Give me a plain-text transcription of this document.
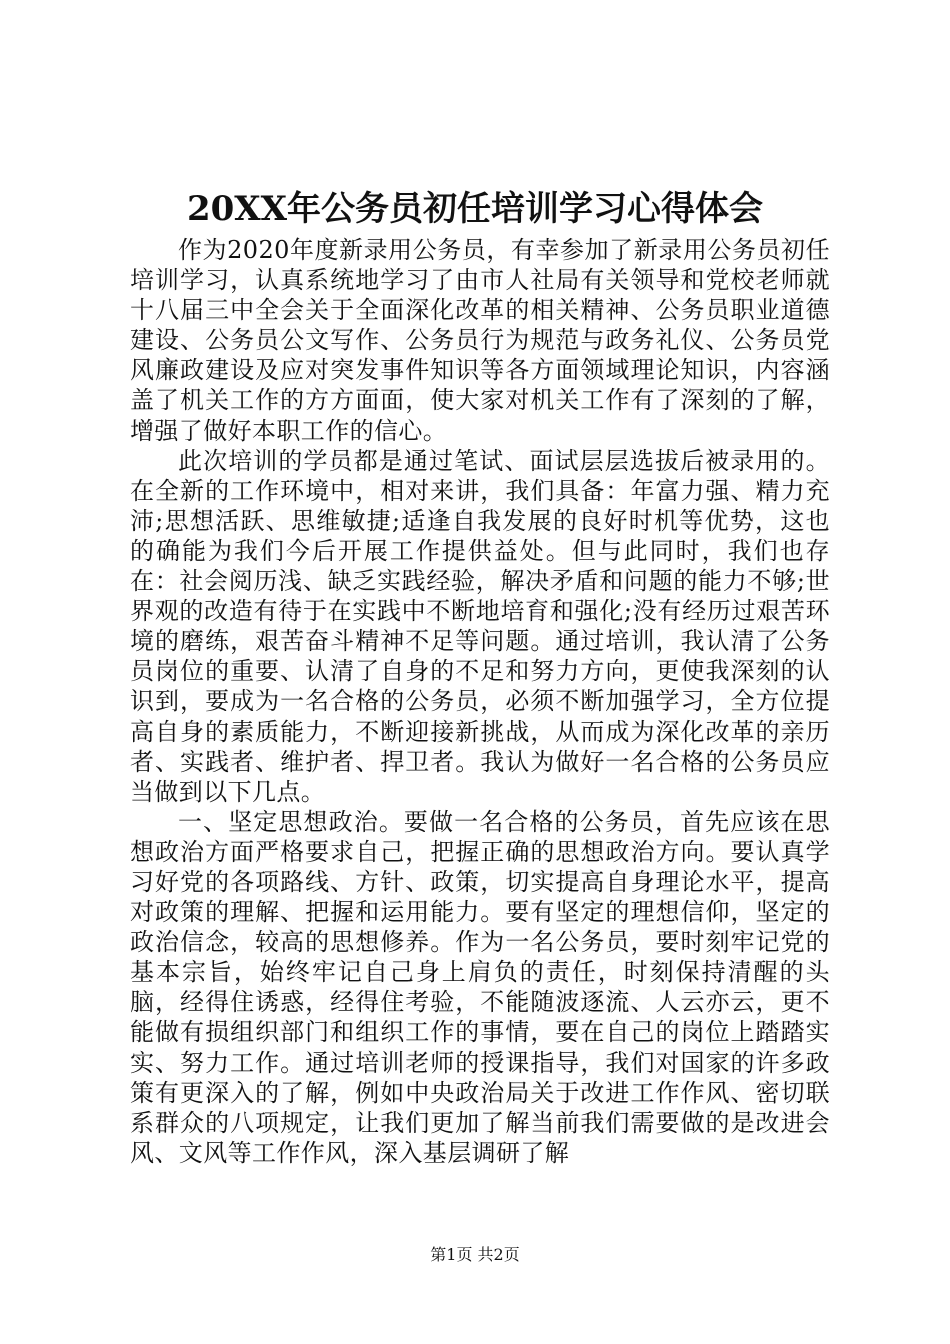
20XX年公务员初任培训学习心得体会

作为2020年度新录用公务员，有幸参加了新录用公务员初任培训学习，认真系统地学习了由市人社局有关领导和党校老师就十八届三中全会关于全面深化改革的相关精神、公务员职业道德建设、公务员公文写作、公务员行为规范与政务礼仪、公务员党风廉政建设及应对突发事件知识等各方面领域理论知识，内容涵盖了机关工作的方方面面，使大家对机关工作有了深刻的了解，增强了做好本职工作的信心。

此次培训的学员都是通过笔试、面试层层选拔后被录用的。在全新的工作环境中，相对来讲，我们具备：年富力强、精力充沛;思想活跃、思维敏捷;适逢自我发展的良好时机等优势，这也的确能为我们今后开展工作提供益处。但与此同时，我们也存在：社会阅历浅、缺乏实践经验，解决矛盾和问题的能力不够;世界观的改造有待于在实践中不断地培育和强化;没有经历过艰苦环境的磨练，艰苦奋斗精神不足等问题。通过培训，我认清了公务员岗位的重要、认清了自身的不足和努力方向，更使我深刻的认识到，要成为一名合格的公务员，必须不断加强学习，全方位提高自身的素质能力，不断迎接新挑战，从而成为深化改革的亲历者、实践者、维护者、捍卫者。我认为做好一名合格的公务员应当做到以下几点。

一、坚定思想政治。要做一名合格的公务员，首先应该在思想政治方面严格要求自己，把握正确的思想政治方向。要认真学习好党的各项路线、方针、政策，切实提高自身理论水平，提高对政策的理解、把握和运用能力。要有坚定的理想信仰，坚定的政治信念，较高的思想修养。作为一名公务员，要时刻牢记党的基本宗旨，始终牢记自己身上肩负的责任，时刻保持清醒的头脑，经得住诱惑，经得住考验，不能随波逐流、人云亦云，更不能做有损组织部门和组织工作的事情，要在自己的岗位上踏踏实实、努力工作。通过培训老师的授课指导，我们对国家的许多政策有更深入的了解，例如中央政治局关于改进工作作风、密切联系群众的八项规定，让我们更加了解当前我们需要做的是改进会风、文风等工作作风，深入基层调研了解

第1页 共2页
